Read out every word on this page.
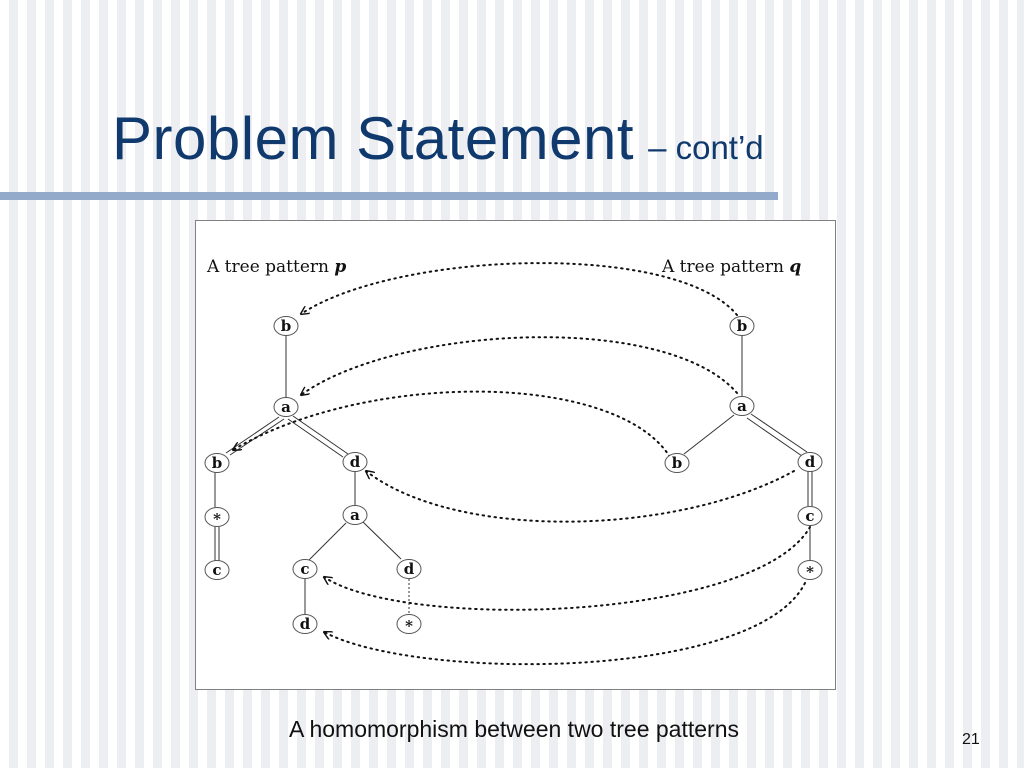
Problem Statement – cont’d
A tree pattern p	A tree pattern q
b
a
b	d
*	a
c	c	d
d	*
b
a
b	d
c
*
A homomorphism between two tree patterns	21
